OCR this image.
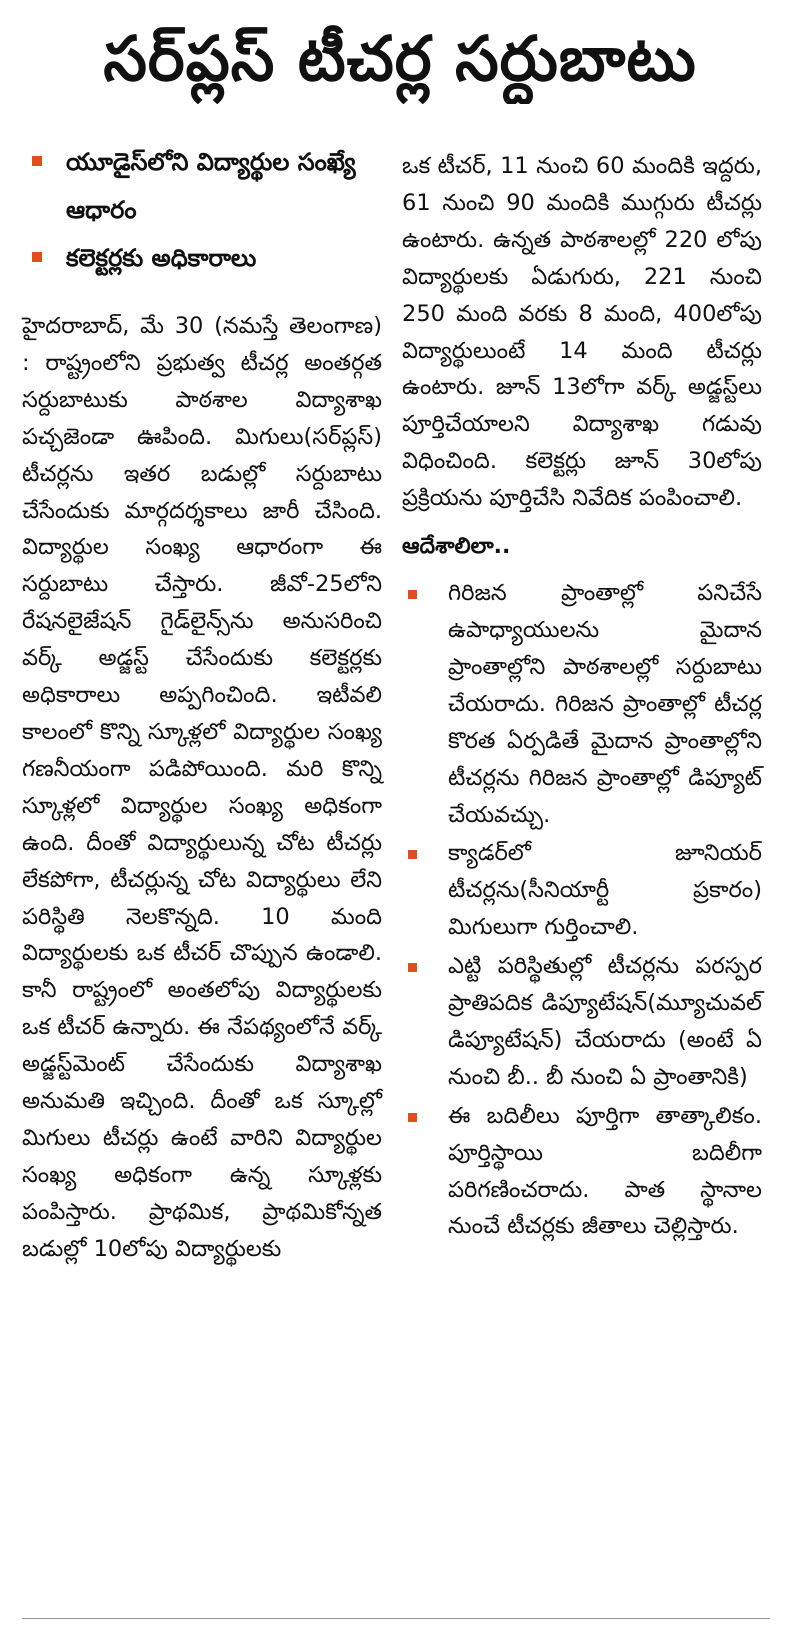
సర్‌ప్లస్ టీచర్ల సర్దుబాటు
యూడైస్‌లోని విద్యార్థుల సంఖ్యే ఆధారం
కలెక్టర్లకు అధికారాలు

హైదరాబాద్, మే 30 (నమస్తే తెలంగాణ) : రాష్ట్రంలోని ప్రభుత్వ టీచర్ల అంతర్గత సర్దుబాటుకు పాఠశాల విద్యాశాఖ పచ్చజెండా ఊపింది. మిగులు(సర్‌ప్లస్) టీచర్లను ఇతర బడుల్లో సర్దుబాటు చేసేందుకు మార్గదర్శకాలు జారీ చేసింది. విద్యార్థుల సంఖ్య ఆధారంగా ఈ సర్దుబాటు చేస్తారు. జీవో-25లోని రేషనలైజేషన్ గైడ్‌లైన్స్‌ను అనుసరించి వర్క్ అడ్జస్ట్ చేసేందుకు కలెక్టర్లకు అధికారాలు అప్పగించింది. ఇటీవలి కాలంలో కొన్ని స్కూళ్లలో విద్యార్థుల సంఖ్య గణనీయంగా పడిపోయింది. మరి కొన్ని స్కూళ్లలో విద్యార్థుల సంఖ్య అధికంగా ఉంది. దీంతో విద్యార్థులున్న చోట టీచర్లు లేకపోగా, టీచర్లున్న చోట విద్యార్థులు లేని పరిస్థితి నెలకొన్నది. 10 మంది విద్యార్థులకు ఒక టీచర్ చొప్పున ఉండాలి. కానీ రాష్ట్రంలో అంతలోపు విద్యార్థులకు ఒక టీచర్ ఉన్నారు. ఈ నేపథ్యంలోనే వర్క్ అడ్జస్ట్‌మెంట్ చేసేందుకు విద్యాశాఖ అనుమతి ఇచ్చింది. దీంతో ఒక స్కూల్లో మిగులు టీచర్లు ఉంటే వారిని విద్యార్థుల సంఖ్య అధికంగా ఉన్న స్కూళ్లకు పంపిస్తారు. ప్రాథమిక, ప్రాథమికోన్నత బడుల్లో 10లోపు విద్యార్థులకు

ఒక టీచర్, 11 నుంచి 60 మందికి ఇద్దరు, 61 నుంచి 90 మందికి ముగ్గురు టీచర్లు ఉంటారు. ఉన్నత పాఠశాలల్లో 220 లోపు విద్యార్థులకు ఏడుగురు, 221 నుంచి 250 మంది వరకు 8 మంది, 400లోపు విద్యార్థులుంటే 14 మంది టీచర్లు ఉంటారు. జూన్ 13లోగా వర్క్ అడ్జస్ట్‌లు పూర్తిచేయాలని విద్యాశాఖ గడువు విధించింది. కలెక్టర్లు జూన్ 30లోపు ప్రక్రియను పూర్తిచేసి నివేదిక పంపించాలి.

ఆదేశాలిలా..
గిరిజన ప్రాంతాల్లో పనిచేసే ఉపాధ్యాయులను మైదాన ప్రాంతాల్లోని పాఠశాలల్లో సర్దుబాటు చేయరాదు. గిరిజన ప్రాంతాల్లో టీచర్ల కొరత ఏర్పడితే మైదాన ప్రాంతాల్లోని టీచర్లను గిరిజన ప్రాంతాల్లో డిప్యూట్ చేయవచ్చు.
క్యాడర్‌లో జూనియర్ టీచర్లను(సీనియార్టీ ప్రకారం) మిగులుగా గుర్తించాలి.
ఎట్టి పరిస్థితుల్లో టీచర్లను పరస్పర ప్రాతిపదిక డిప్యూటేషన్(మ్యూచువల్ డిప్యూటేషన్) చేయరాదు (అంటే ఏ నుంచి బీ.. బీ నుంచి ఏ ప్రాంతానికి)
ఈ బదిలీలు పూర్తిగా తాత్కాలికం. పూర్తిస్థాయి బదిలీగా పరిగణించరాదు. పాత స్థానాల నుంచే టీచర్లకు జీతాలు చెల్లిస్తారు.
